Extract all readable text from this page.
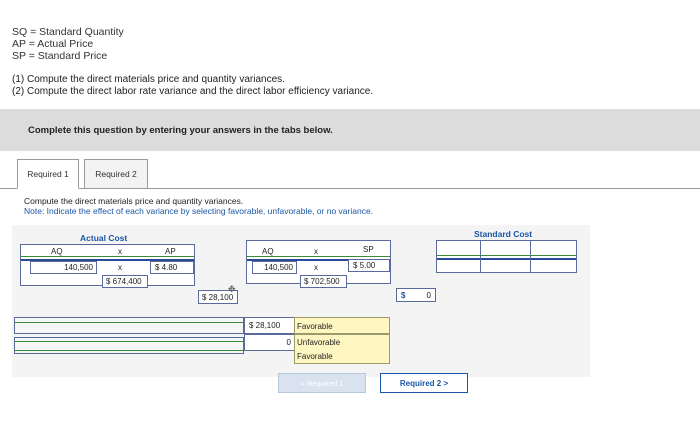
SQ = Standard Quantity
AP = Actual Price
SP = Standard Price
(1) Compute the direct materials price and quantity variances.
(2) Compute the direct labor rate variance and the direct labor efficiency variance.
Complete this question by entering your answers in the tabs below.
Required 1	Required 2
Compute the direct materials price and quantity variances.
Note: Indicate the effect of each variance by selecting favorable, unfavorable, or no variance.
Actual Cost
AQ	x	AP
140,500	x	$ 4.80
$ 674,400
$ 28,100
✥
AQ	x	SP
140,500	x	$ 5.00
$ 702,500
Standard Cost
$	0
$ 28,100
0
Favorable
Unfavorable
Favorable
< Required 1	Required 2 >
